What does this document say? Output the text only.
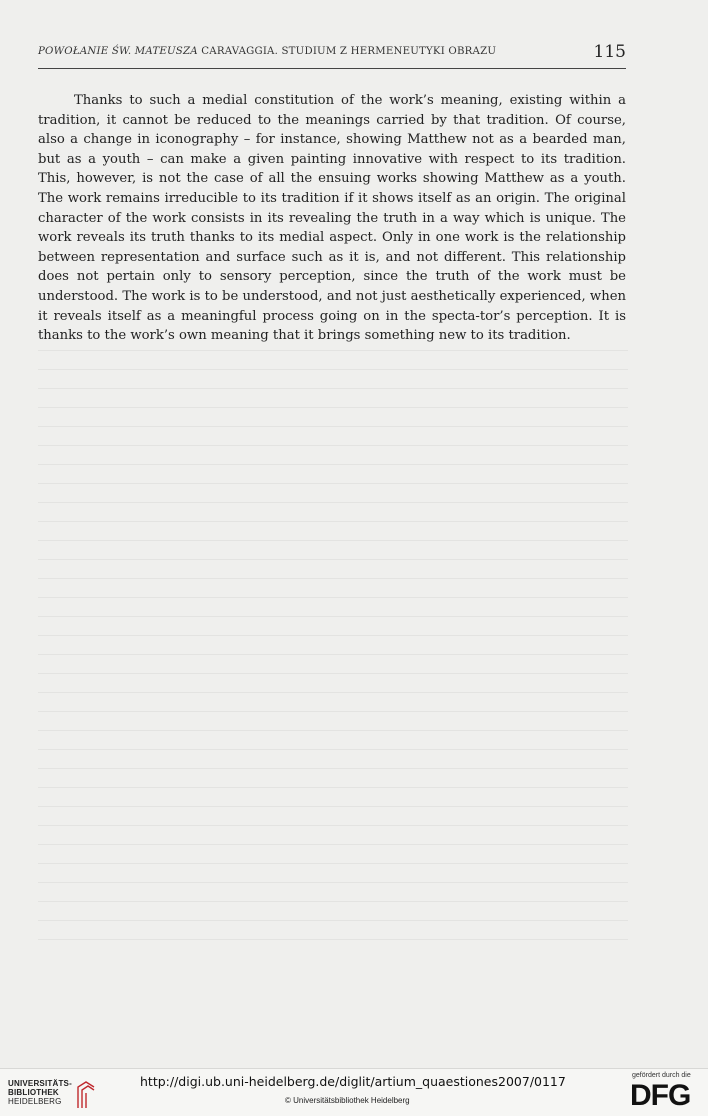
POWOŁANIE ŚW. MATEUSZA CARAVAGGIA. STUDIUM Z HERMENEUTYKI OBRAZU	115

Thanks to such a medial constitution of the work’s meaning, existing within a tradition, it cannot be reduced to the meanings carried by that tradition. Of course, also a change in iconography – for instance, showing Matthew not as a bearded man, but as a youth – can make a given painting innovative with respect to its tradition. This, however, is not the case of all the ensuing works showing Matthew as a youth. The work remains irreducible to its tradition if it shows itself as an origin. The original character of the work consists in its revealing the truth in a way which is unique. The work reveals its truth thanks to its medial aspect. Only in one work is the relationship between representation and surface such as it is, and not different. This relationship does not pertain only to sensory perception, since the truth of the work must be understood. The work is to be understood, and not just aesthetically experienced, when it reveals itself as a meaningful process going on in the specta-tor’s perception. It is thanks to the work’s own meaning that it brings something new to its tradition.

UNIVERSITÄTS-
BIBLIOTHEK
HEIDELBERG
http://digi.ub.uni-heidelberg.de/diglit/artium_quaestiones2007/0117
© Universitätsbibliothek Heidelberg
gefördert durch die
DFG
